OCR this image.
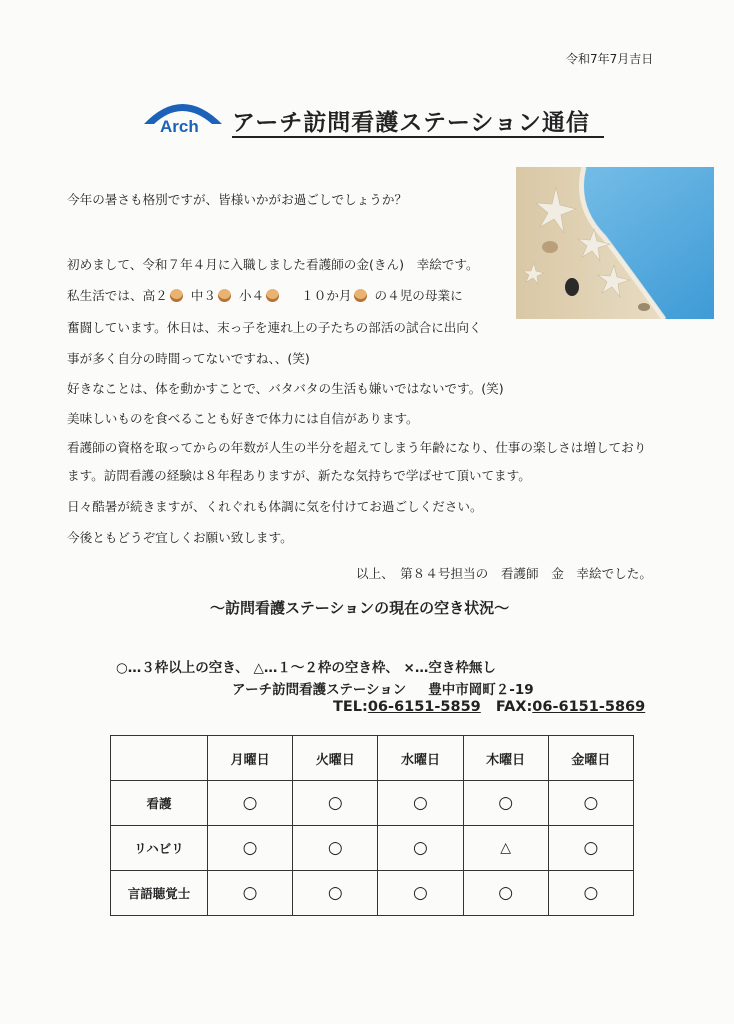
令和7年7月吉日
Arch アーチ訪問看護ステーション通信
今年の暑さも格別ですが、皆様いかがお過ごしでしょうか？
初めまして、令和７年４月に入職しました看護師の金(きん)　幸絵です。
私生活では、高２ 中３ 小４	１０か月 の４児の母業に
奮闘しています。休日は、末っ子を連れ上の子たちの部活の試合に出向く
事が多く自分の時間ってないですね、、(笑)
好きなことは、体を動かすことで、バタバタの生活も嫌いではないです。(笑)
美味しいものを食べることも好きで体力には自信があります。
看護師の資格を取ってからの年数が人生の半分を超えてしまう年齢になり、仕事の楽しさは増しており
ます。訪問看護の経験は８年程ありますが、新たな気持ちで学ばせて頂いてます。
日々酷暑が続きますが、くれぐれも体調に気を付けてお過ごしください。
今後ともどうぞ宜しくお願い致します。
以上、　第８４号担当の　看護師　金　幸絵でした。
～訪問看護ステーションの現在の空き状況～
○…３枠以上の空き、 △…１～２枠の空き枠、 ×…空き枠無し
アーチ訪問看護ステーション 豊中市岡町２-19
TEL:06-6151-5859 FAX:06-6151-5869
	月曜日	火曜日	水曜日	木曜日	金曜日
看護	○	○	○	○	○
リハビリ	○	○	○	△	○
言語聴覚士	○	○	○	○	○
